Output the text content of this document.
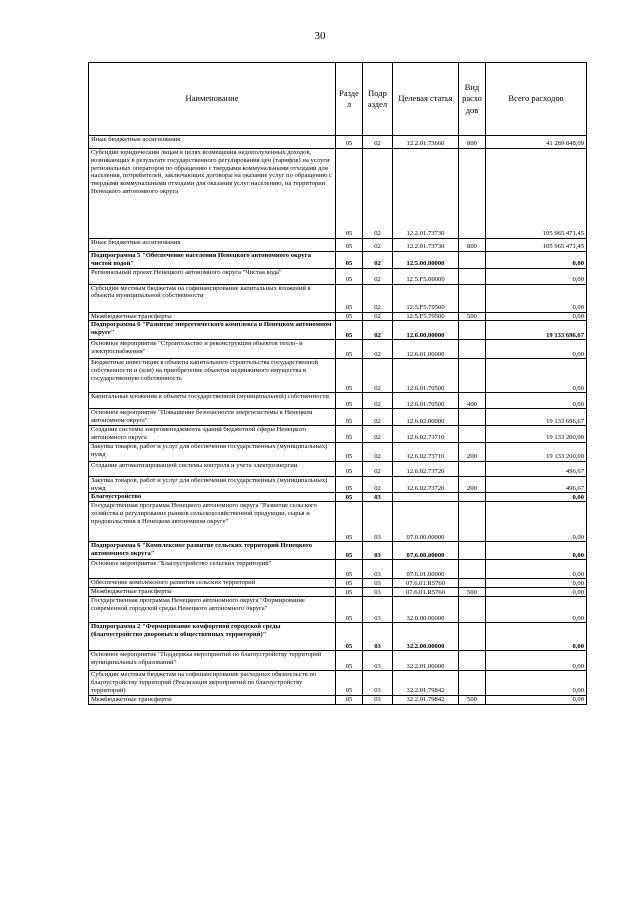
30
Наименование	Разде л	Подр аздел	Целевая статья	Вид расхо дов	Всего расходов
Иные бюджетные ассигнования	05	02	12.2.01.73660	800	41 289 848,09
Субсидии юридическим лицам в целях возмещения недополученных доходов, возникающих в результате государственного регулирования цен (тарифов) на услуги региональных операторов по обращению с твердыми коммунальными отходами для населения, потребителей, заключающих договоры на оказание услуг по обращению с твердыми коммунальными отходами для оказания услуг населению, на территории Ненецкого автономного округа	05	02	12.2.01.73730		105 965 471,45
Иные бюджетные ассигнования	05	02	12.2.01.73730	800	105 965 471,45
Подпрограмма 5 "Обеспечение населения Ненецкого автономного округа чистой водой"	05	02	12.5.00.00000		0,00
Региональный проект Ненецкого автономного округа "Чистая вода"	05	02	12.5.F5.00000		0,00
Субсидии местным бюджетам на софинансирование капитальных вложений в объекты муниципальной собственности	05	02	12.5.F5.79500		0,00
Межбюджетные трансферты	05	02	12.5.F5.79500	500	0,00
Подпрограмма 6 "Развитие энергетического комплекса в Ненецком автономном округе"	05	02	12.6.00.00000		19 133 696,67
Основное мероприятие "Строительство и реконструкция объектов тепло- и электроснабжения"	05	02	12.6.01.00000		0,00
Бюджетные инвестиции в объекты капитального строительства государственной собственности и (или) на приобретение объектов недвижимого имущества в государственную собственность	05	02	12.6.01.70500		0,00
Капитальные вложения в объекты государственной (муниципальной) собственности	05	02	12.6.01.70500	400	0,00
Основное мероприятие "Повышение безопасности энергосистемы в Ненецком автономном округе"	05	02	12.6.02.00000		19 133 696,67
Создание системы энергоменеджмента зданий бюджетной сферы Ненецкого автономного округа	05	02	12.6.02.73710		19 133 200,00
Закупка товаров, работ и услуг для обеспечения государственных (муниципальных) нужд	05	02	12.6.02.73710	200	19 133 200,00
Создание автоматизированной системы контроля и учета электроэнергии	05	02	12.6.02.73720		496,67
Закупка товаров, работ и услуг для обеспечения государственных (муниципальных) нужд	05	02	12.6.02.73720	200	496,67
Благоустройство	05	03			0,00
Государственная программа Ненецкого автономного округа "Развитие сельского хозяйства и регулирование рынков сельскохозяйственной продукции, сырья и продовольствия в Ненецком автономном округе"	05	03	07.0.00.00000		0,00
Подпрограмма 6 "Комплексное развитие сельских территорий Ненецкого автономного округа"	05	03	07.6.00.00000		0,00
Основное мероприятие "Благоустройство сельских территорий"	05	03	07.6.01.00000		0,00
Обеспечение комплексного развития сельских территорий	05	03	07.6.01.R5760		0,00
Межбюджетные трансферты	05	03	07.6.01.R5760	500	0,00
Государственная программа Ненецкого автономного округа "Формирование современной городской среды Ненецкого автономного округа"	05	03	32.0.00.00000		0,00
Подпрограмма 2 "Формирование комфортной городской среды (благоустройство дворовых и общественных территорий)"	05	03	32.2.00.00000		0,00
Основное мероприятие "Поддержка мероприятий по благоустройству территорий муниципальных образований"	05	03	32.2.01.00000		0,00
Субсидии местным бюджетам на софинансирование расходных обязательств по благоустройству территорий (Реализация мероприятий по благоустройству территорий)	05	03	32.2.01.79842		0,00
Межбюджетные трансферты	05	03	32.2.01.79842	500	0,00
